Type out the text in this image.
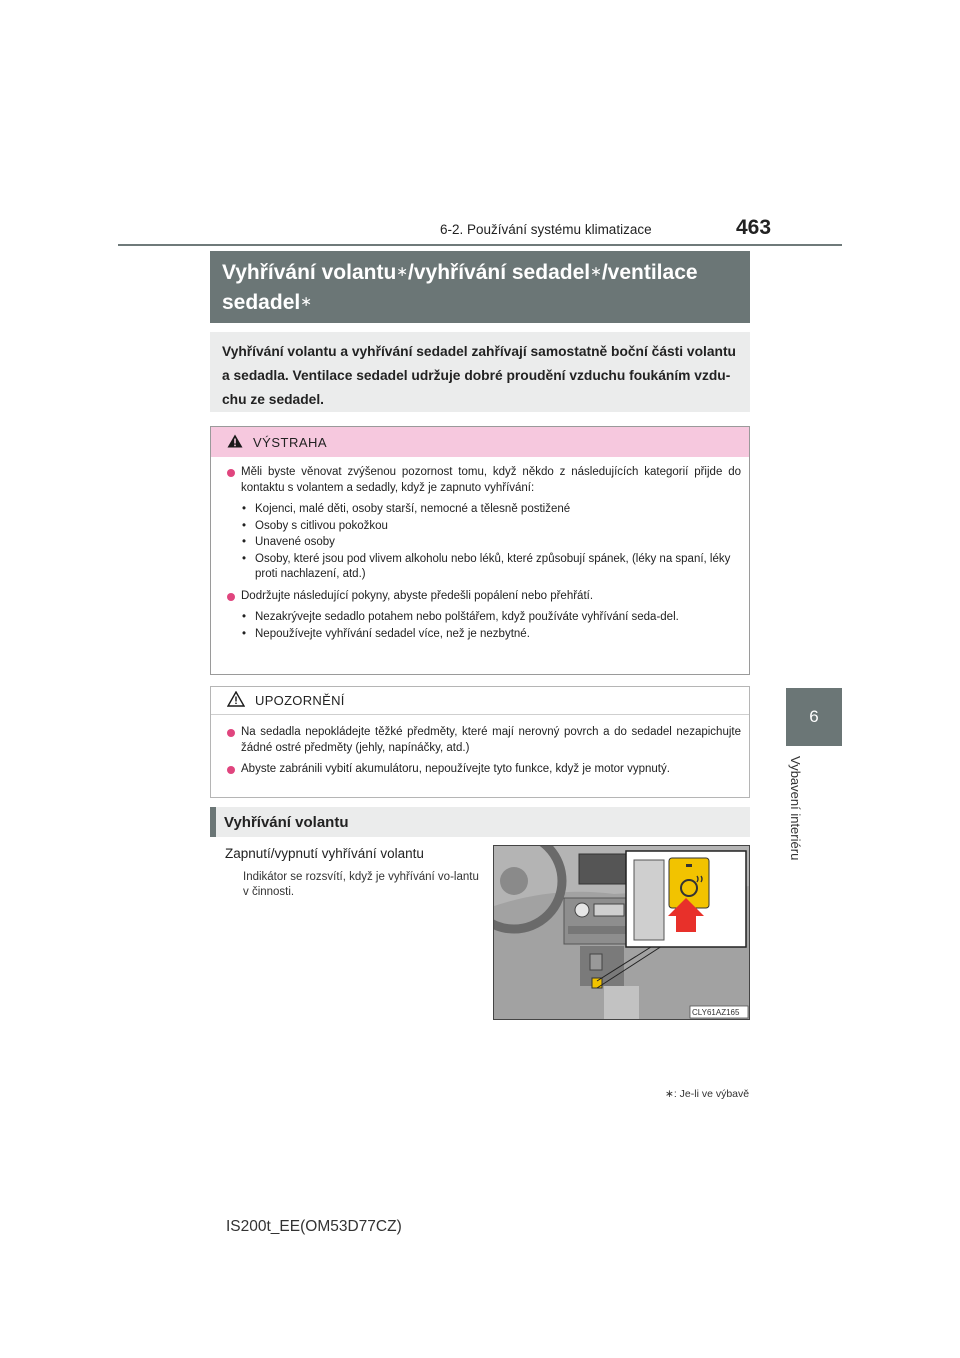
6-2. Používání systému klimatizace	463
6
Vybavení interiéru
Vyhřívání volantu∗/vyhřívání sedadel∗/ventilace
sedadel∗
Vyhřívání volantu a vyhřívání sedadel zahřívají samostatně boční části volantu a sedadla. Ventilace sedadel udržuje dobré proudění vzduchu foukáním vzdu-chu ze sedadel.
VÝSTRAHA
Měli byste věnovat zvýšenou pozornost tomu, když někdo z následujících kategorií přijde do kontaktu s volantem a sedadly, když je zapnuto vyhřívání:
• Kojenci, malé děti, osoby starší, nemocné a tělesně postižené
• Osoby s citlivou pokožkou
• Unavené osoby
• Osoby, které jsou pod vlivem alkoholu nebo léků, které způsobují spánek, (léky na spaní, léky proti nachlazení, atd.)
Dodržujte následující pokyny, abyste předešli popálení nebo přehřátí.
• Nezakrývejte sedadlo potahem nebo polštářem, když používáte vyhřívání seda-del.
• Nepoužívejte vyhřívání sedadel více, než je nezbytné.
UPOZORNĚNÍ
Na sedadla nepokládejte těžké předměty, které mají nerovný povrch a do sedadel nezapichujte žádné ostré předměty (jehly, napínáčky, atd.)
Abyste zabránili vybití akumulátoru, nepoužívejte tyto funkce, když je motor vypnutý.
Vyhřívání volantu
Zapnutí/vypnutí vyhřívání volantu
Indikátor se rozsvítí, když je vyhřívání vo-lantu v činnosti.
CLY61AZ165
∗: Je-li ve výbavě
IS200t_EE(OM53D77CZ)
